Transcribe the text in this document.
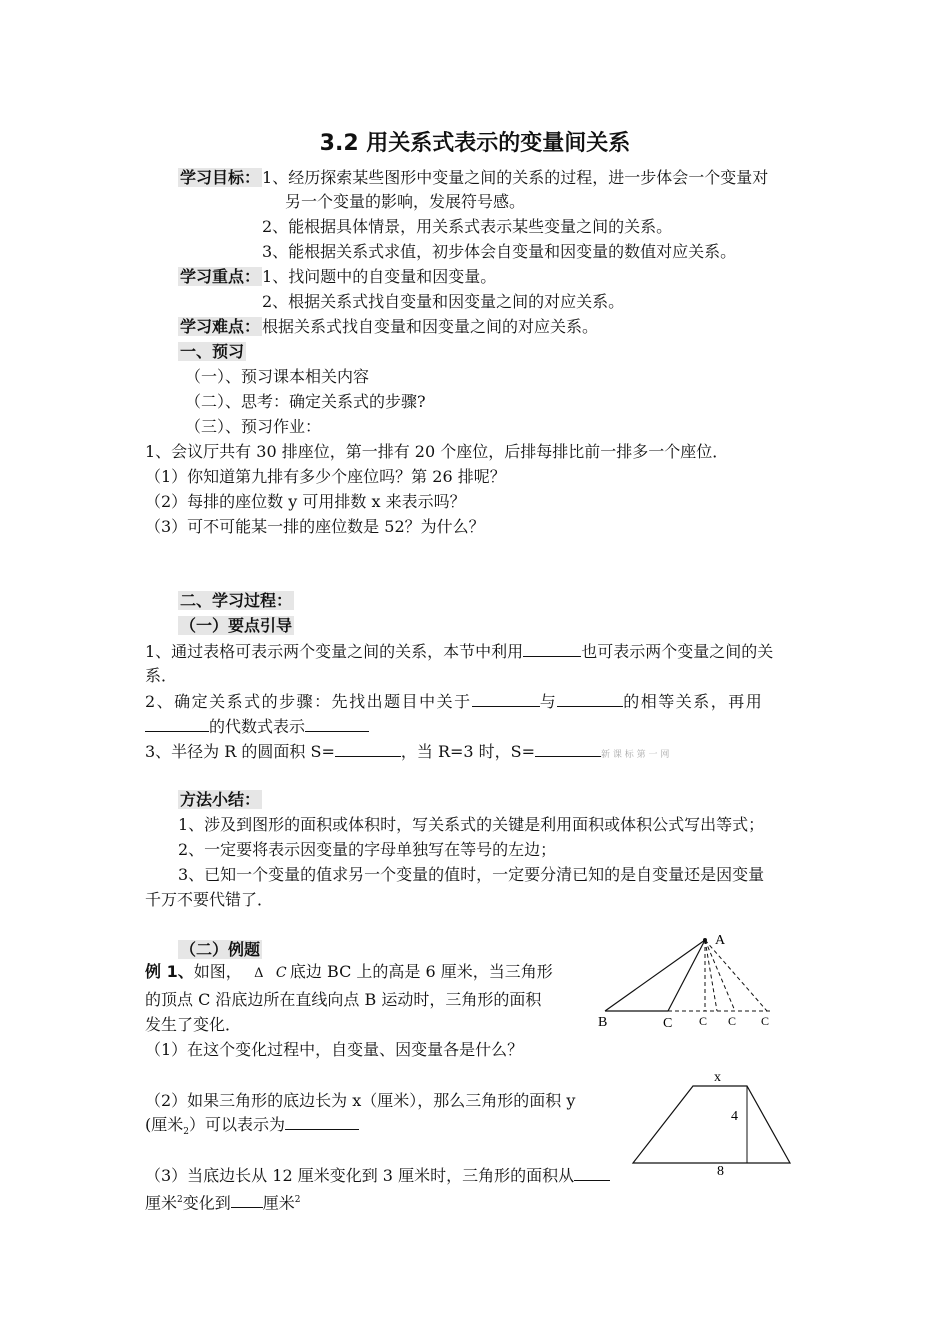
3.2 用关系式表示的变量间关系
学习目标： 1、经历探索某些图形中变量之间的关系的过程，进一步体会一个变量对
另一个变量的影响，发展符号感。
2、能根据具体情景，用关系式表示某些变量之间的关系。
3、能根据关系式求值，初步体会自变量和因变量的数值对应关系。
学习重点： 1、找问题中的自变量和因变量。
2、根据关系式找自变量和因变量之间的对应关系。
学习难点： 根据关系式找自变量和因变量之间的对应关系。
一、预习
（一）、预习课本相关内容
（二）、思考：确定关系式的步骤?
（三）、预习作业：
1、会议厅共有 30 排座位，第一排有 20 个座位，后排每排比前一排多一个座位．
（1）你知道第九排有多少个座位吗？第 26 排呢？
（2）每排的座位数 y 可用排数 x 来表示吗？
（3）可不可能某一排的座位数是 52？为什么？
二、学习过程：
（一）要点引导
1、通过表格可表示两个变量之间的关系，本节中利用	也可表示两个变量之间的关
系．
2、确定关系式的步骤：先找出题目中关于	与	的相等关系，再用
的代数式表示
3、半径为 R 的圆面积 S=	，当 R=3 时，S=	新 课 标 第 一 网
方法小结：
1、涉及到图形的面积或体积时，写关系式的关键是利用面积或体积公式写出等式；
2、一定要将表示因变量的字母单独写在等号的左边；
3、已知一个变量的值求另一个变量的值时，一定要分清已知的是自变量还是因变量
千万不要代错了．
（二）例题
例 1、如图， Δ C 底边 BC 上的高是 6 厘米，当三角形
的顶点 C 沿底边所在直线向点 B 运动时，三角形的面积
发生了变化．
（1）在这个变化过程中，自变量、因变量各是什么？
（2）如果三角形的底边长为 x（厘米），那么三角形的面积 y
(厘米$_2$）可以表示为
（3）当底边长从 12 厘米变化到 3 厘米时，三角形的面积从
厘米$^2$变化到 厘米$^2$
A
B	C C C C
x
4
8
